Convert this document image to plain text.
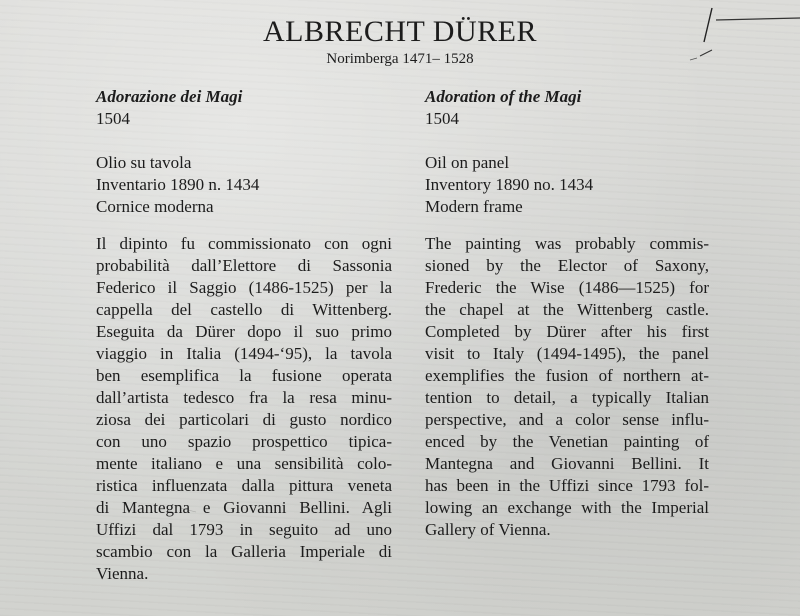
ALBRECHT DÜRER
Norimberga 1471– 1528
Adorazione dei Magi
1504
Olio su tavola
Inventario 1890 n. 1434
Cornice moderna
Il dipinto fu commissionato con ogni
probabilità dall’Elettore di Sassonia
Federico il Saggio (1486-1525) per la
cappella del castello di Wittenberg.
Eseguita da Dürer dopo il suo primo
viaggio in Italia (1494-‘95), la tavola
ben esemplifica la fusione operata
dall’artista tedesco fra la resa minu-
ziosa dei particolari di gusto nordico
con uno spazio prospettico tipica-
mente italiano e una sensibilità colo-
ristica influenzata dalla pittura veneta
di Mantegna e Giovanni Bellini. Agli
Uffizi dal 1793 in seguito ad uno
scambio con la Galleria Imperiale di
Vienna.
Adoration of the Magi
1504
Oil on panel
Inventory 1890 no. 1434
Modern frame
The painting was probably commis-
sioned by the Elector of Saxony,
Frederic the Wise (1486—1525) for
the chapel at the Wittenberg castle.
Completed by Dürer after his first
visit to Italy (1494-1495), the panel
exemplifies the fusion of northern at-
tention to detail, a typically Italian
perspective, and a color sense influ-
enced by the Venetian painting of
Mantegna and Giovanni Bellini. It
has been in the Uffizi since 1793 fol-
lowing an exchange with the Imperial
Gallery of Vienna.
